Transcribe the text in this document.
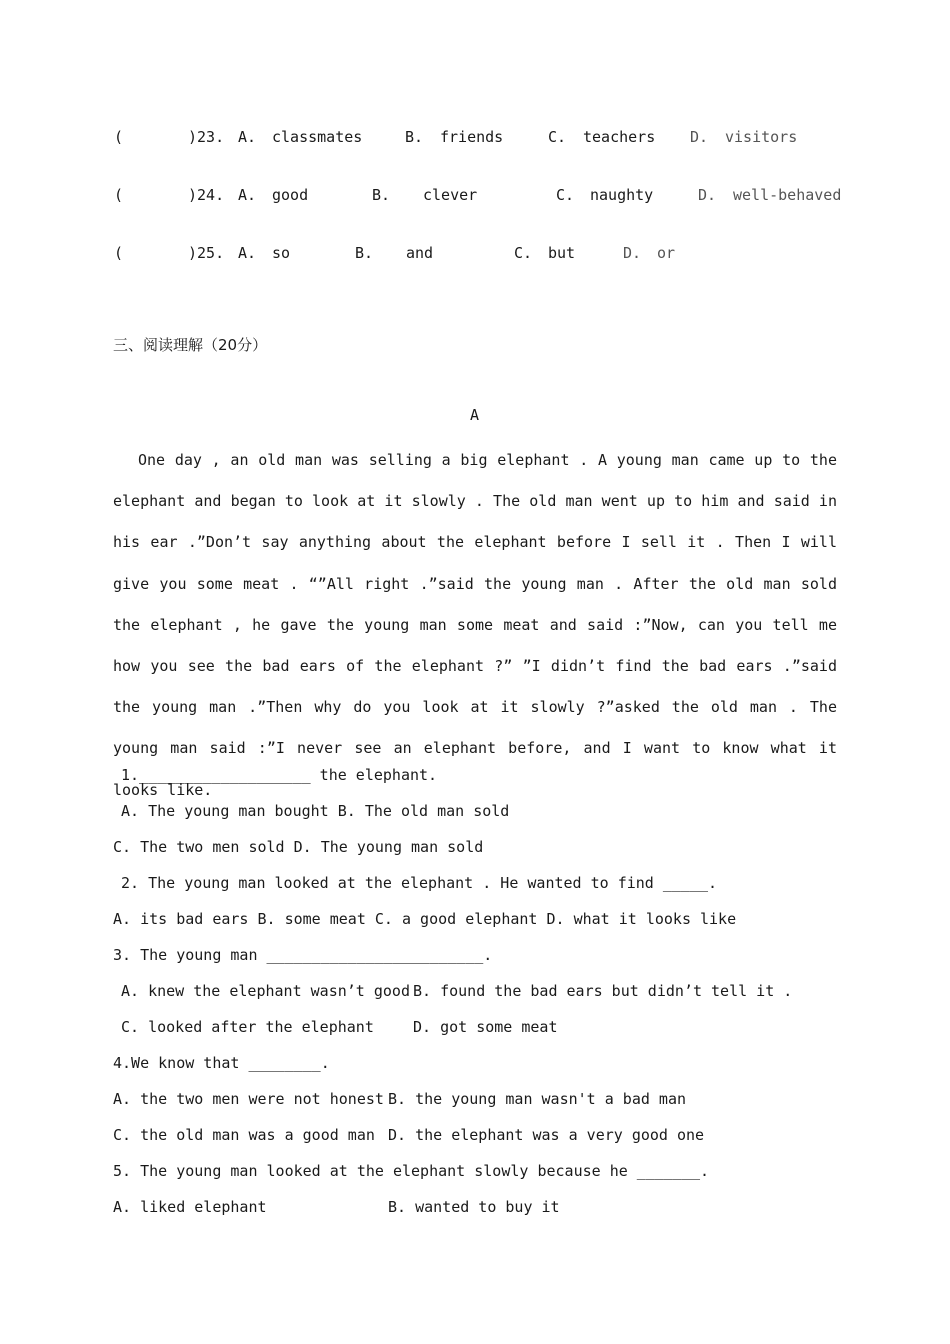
(	)23. A. classmates	B. friends	C. teachers D. visitors
(	)24. A. good	B. clever	C. naughty	D. well-behaved
(	)25. A. so	B. and	C. but	D. or
三、阅读理解（20分）
A
One day , an old man was selling a big elephant . A young man came up to the elephant and began to look at it slowly . The old man went up to him and said in his ear .”Don’t say anything about the elephant before I sell it . Then I will give you some meat . “”All right .”said the young man . After the old man sold the elephant , he gave the young man some meat and said :”Now, can you tell me how you see the bad ears of the elephant ?” ”I didn’t find the bad ears .”said the young man .”Then why do you look at it slowly ?”asked the old man . The young man said :”I never see an elephant before, and I want to know what it looks like.
1.___________________ the elephant.
A. The young man bought B. The old man sold
C. The two men sold D. The young man sold
2. The young man looked at the elephant . He wanted to find _____.
A. its bad ears B. some meat C. a good elephant D. what it looks like
3. The young man ________________________.
A. knew the elephant wasn’t good B. found the bad ears but didn’t tell it .
C. looked after the elephant	D. got some meat
4.We know that ________.
A. the two men were not honest B. the young man wasn't a bad man
C. the old man was a good man D. the elephant was a very good one
5. The young man looked at the elephant slowly because he _______.
A. liked elephant	B. wanted to buy it
